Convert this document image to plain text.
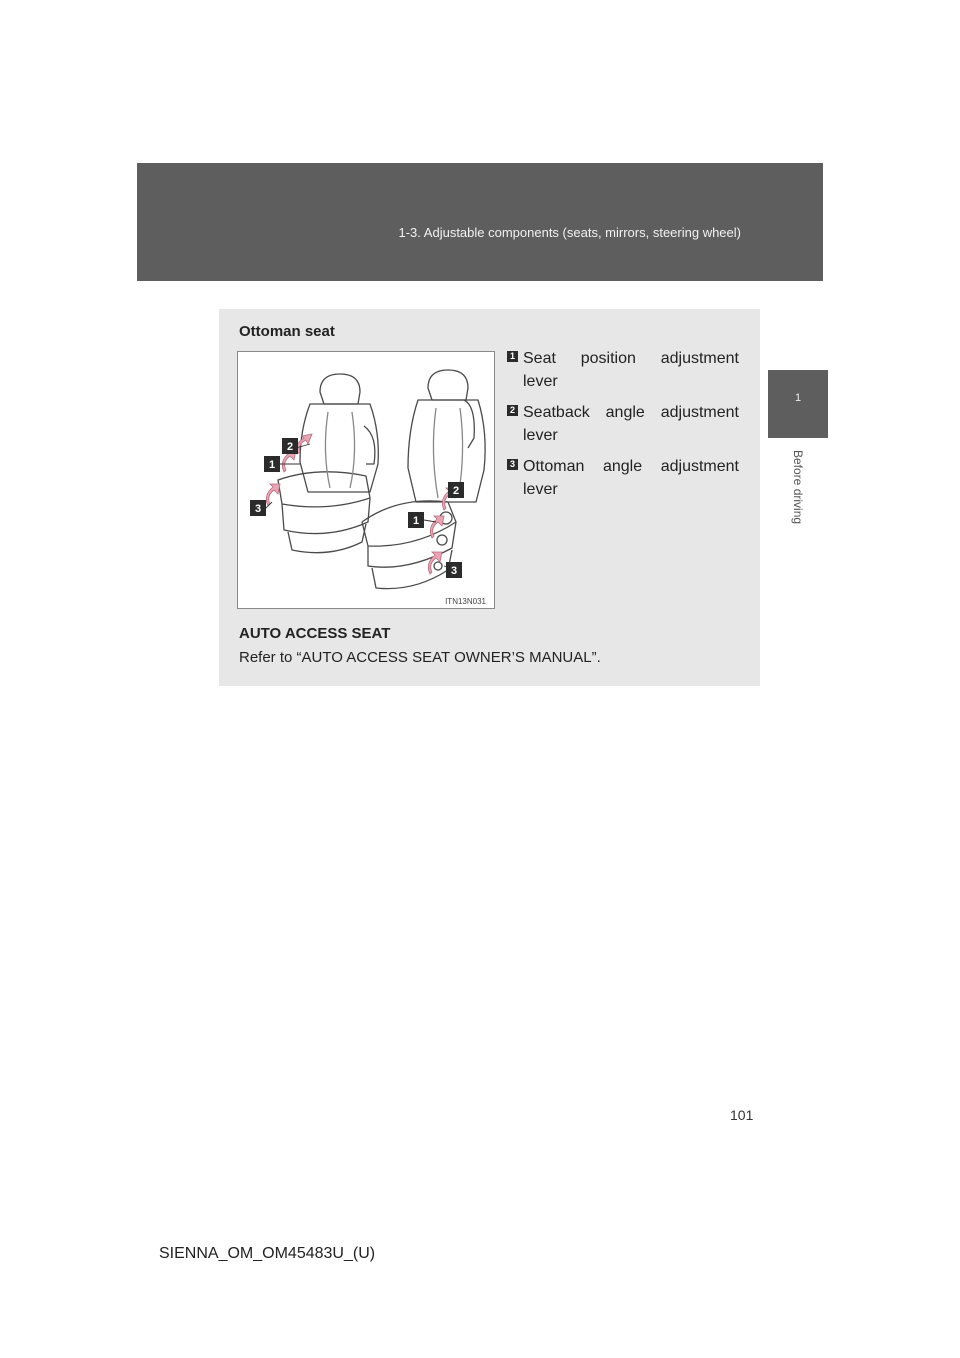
1-3. Adjustable components (seats, mirrors, steering wheel)
1
Before driving
Ottoman seat
1
2
3
1
2
3
ITN13N031
1 Seat position adjustment
lever
2 Seatback angle adjustment
lever
3 Ottoman angle adjustment
lever
AUTO ACCESS SEAT
Refer to “AUTO ACCESS SEAT OWNER’S MANUAL”.
101
SIENNA_OM_OM45483U_(U)
